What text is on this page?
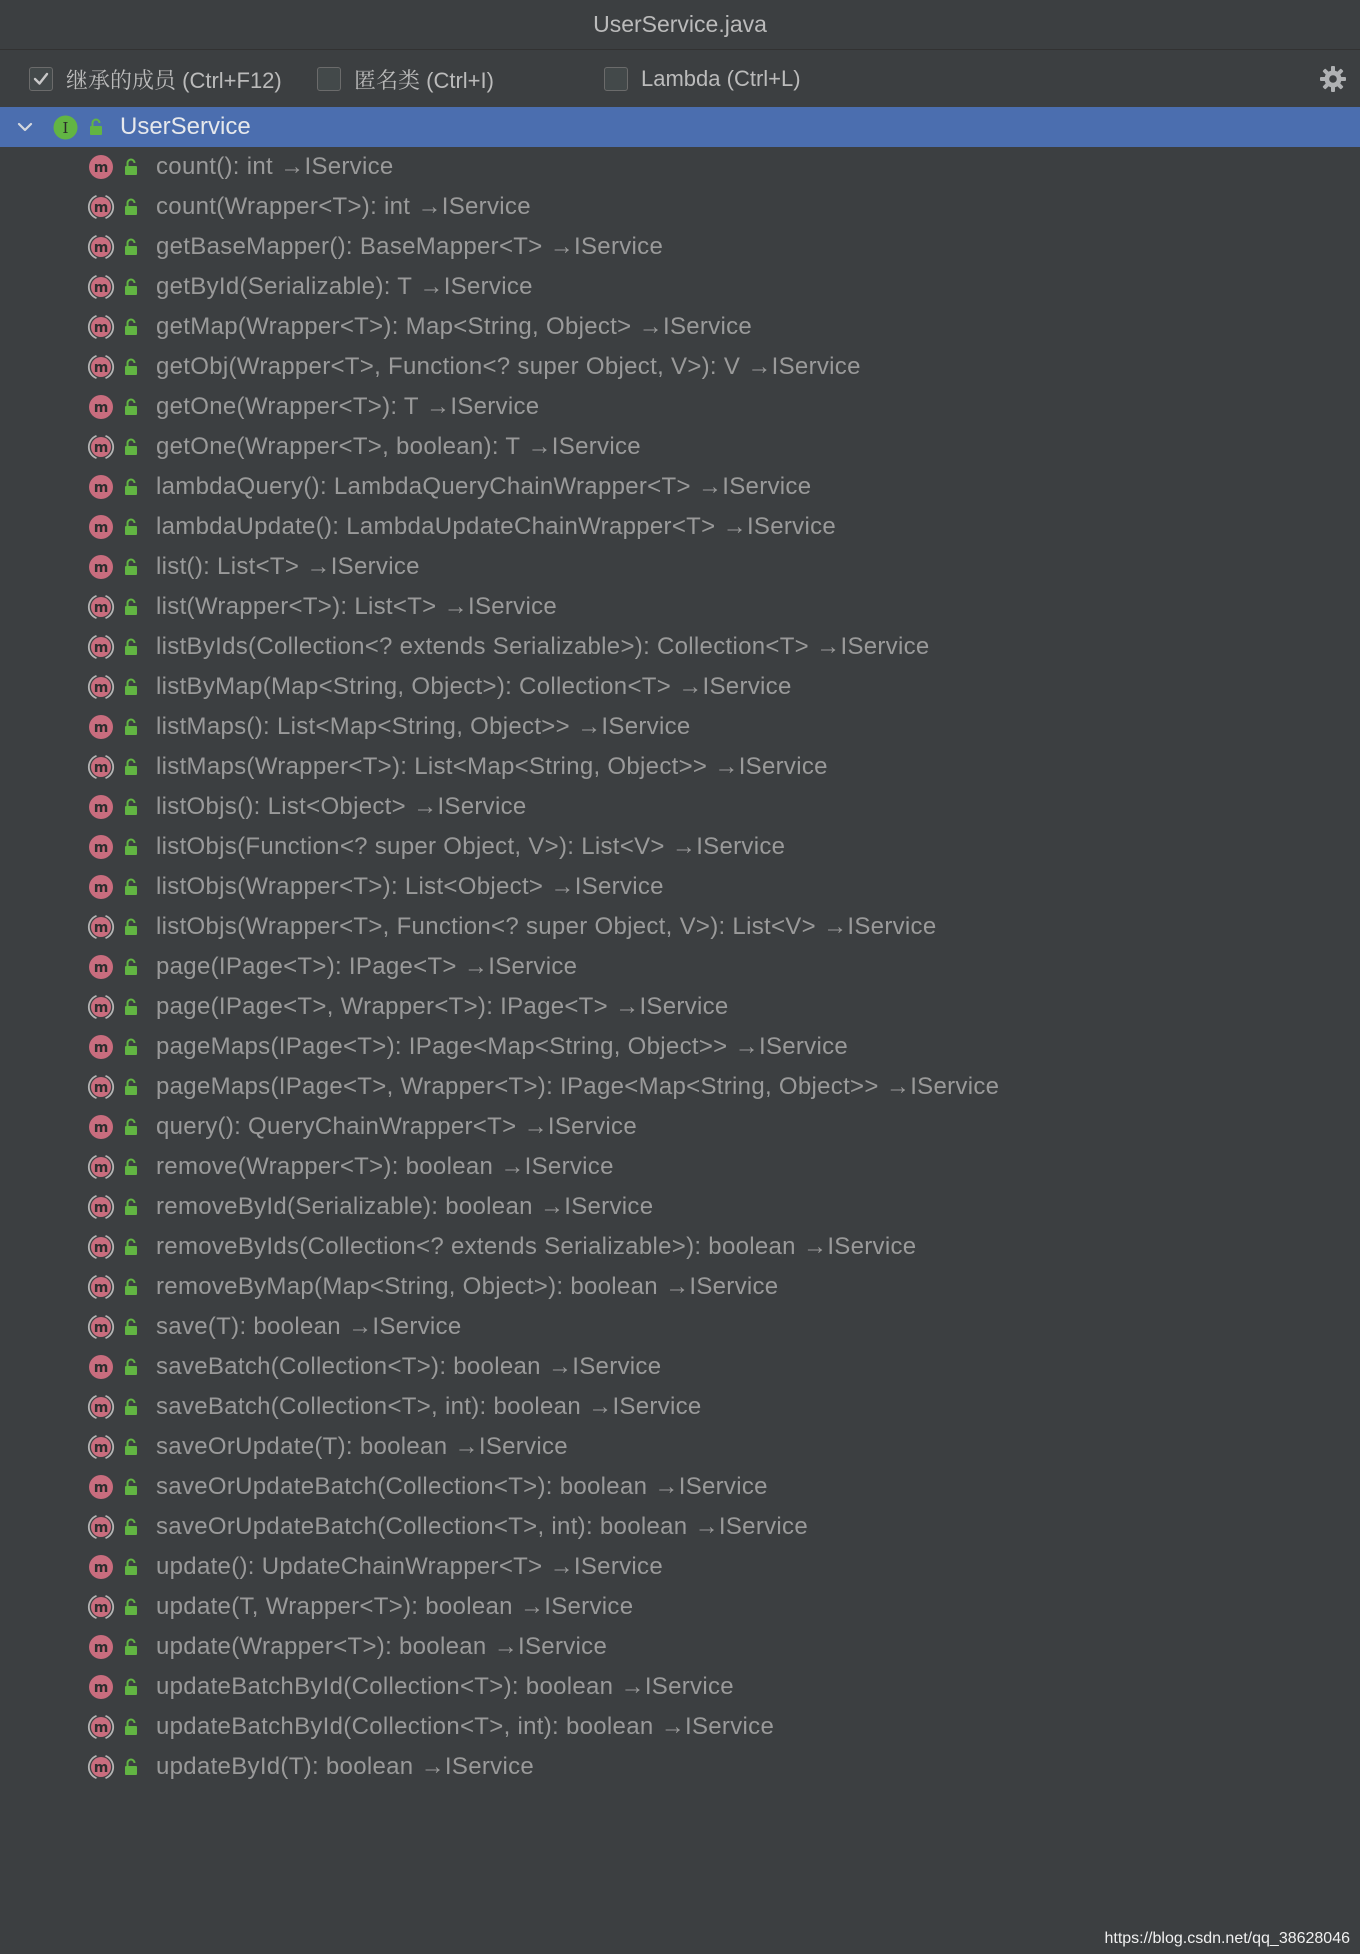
UserService.java
继承的成员 (Ctrl+F12)	匿名类 (Ctrl+I)	Lambda (Ctrl+L)
I UserService
m count(): int →IService
m count(Wrapper<T>): int →IService
m getBaseMapper(): BaseMapper<T> →IService
m getById(Serializable): T →IService
m getMap(Wrapper<T>): Map<String, Object> →IService
m getObj(Wrapper<T>, Function<? super Object, V>): V →IService
m getOne(Wrapper<T>): T →IService
m getOne(Wrapper<T>, boolean): T →IService
m lambdaQuery(): LambdaQueryChainWrapper<T> →IService
m lambdaUpdate(): LambdaUpdateChainWrapper<T> →IService
m list(): List<T> →IService
m list(Wrapper<T>): List<T> →IService
m listByIds(Collection<? extends Serializable>): Collection<T> →IService
m listByMap(Map<String, Object>): Collection<T> →IService
m listMaps(): List<Map<String, Object>> →IService
m listMaps(Wrapper<T>): List<Map<String, Object>> →IService
m listObjs(): List<Object> →IService
m listObjs(Function<? super Object, V>): List<V> →IService
m listObjs(Wrapper<T>): List<Object> →IService
m listObjs(Wrapper<T>, Function<? super Object, V>): List<V> →IService
m page(IPage<T>): IPage<T> →IService
m page(IPage<T>, Wrapper<T>): IPage<T> →IService
m pageMaps(IPage<T>): IPage<Map<String, Object>> →IService
m pageMaps(IPage<T>, Wrapper<T>): IPage<Map<String, Object>> →IService
m query(): QueryChainWrapper<T> →IService
m remove(Wrapper<T>): boolean →IService
m removeById(Serializable): boolean →IService
m removeByIds(Collection<? extends Serializable>): boolean →IService
m removeByMap(Map<String, Object>): boolean →IService
m save(T): boolean →IService
m saveBatch(Collection<T>): boolean →IService
m saveBatch(Collection<T>, int): boolean →IService
m saveOrUpdate(T): boolean →IService
m saveOrUpdateBatch(Collection<T>): boolean →IService
m saveOrUpdateBatch(Collection<T>, int): boolean →IService
m update(): UpdateChainWrapper<T> →IService
m update(T, Wrapper<T>): boolean →IService
m update(Wrapper<T>): boolean →IService
m updateBatchById(Collection<T>): boolean →IService
m updateBatchById(Collection<T>, int): boolean →IService
m updateById(T): boolean →IService
https://blog.csdn.net/qq_38628046
